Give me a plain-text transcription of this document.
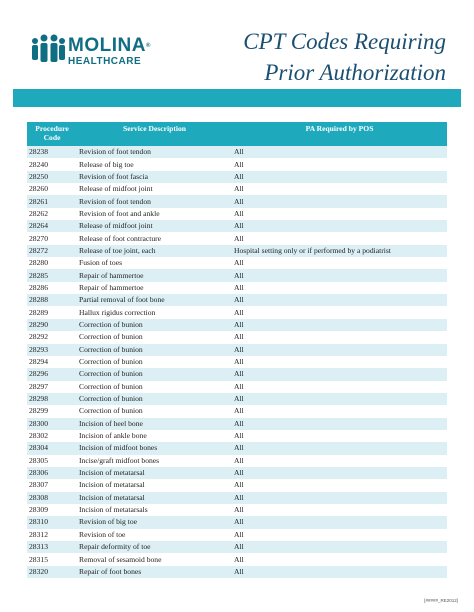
MOLINA®
HEALTHCARE
CPT Codes Requiring
Prior Authorization
Procedure Code	Service Description	PA Required by POS
28238	Revision of foot tendon	All
28240	Release of big toe	All
28250	Revision of foot fascia	All
28260	Release of midfoot joint	All
28261	Revision of foot tendon	All
28262	Revision of foot and ankle	All
28264	Release of midfoot joint	All
28270	Release of foot contracture	All
28272	Release of toe joint, each	Hospital setting only or if performed by a podiatrist
28280	Fusion of toes	All
28285	Repair of hammertoe	All
28286	Repair of hammertoe	All
28288	Partial removal of foot bone	All
28289	Hallux rigidus correction	All
28290	Correction of bunion	All
28292	Correction of bunion	All
28293	Correction of bunion	All
28294	Correction of bunion	All
28296	Correction of bunion	All
28297	Correction of bunion	All
28298	Correction of bunion	All
28299	Correction of bunion	All
28300	Incision of heel bone	All
28302	Incision of ankle bone	All
28304	Incision of midfoot bones	All
28305	Incise/graft midfoot bones	All
28306	Incision of metatarsal	All
28307	Incision of metatarsal	All
28308	Incision of metatarsal	All
28309	Incision of metatarsals	All
28310	Revision of big toe	All
28312	Revision of toe	All
28313	Repair deformity of toe	All
28315	Removal of sesamoid bone	All
28320	Repair of foot bones	All
[#####_RE2012]
